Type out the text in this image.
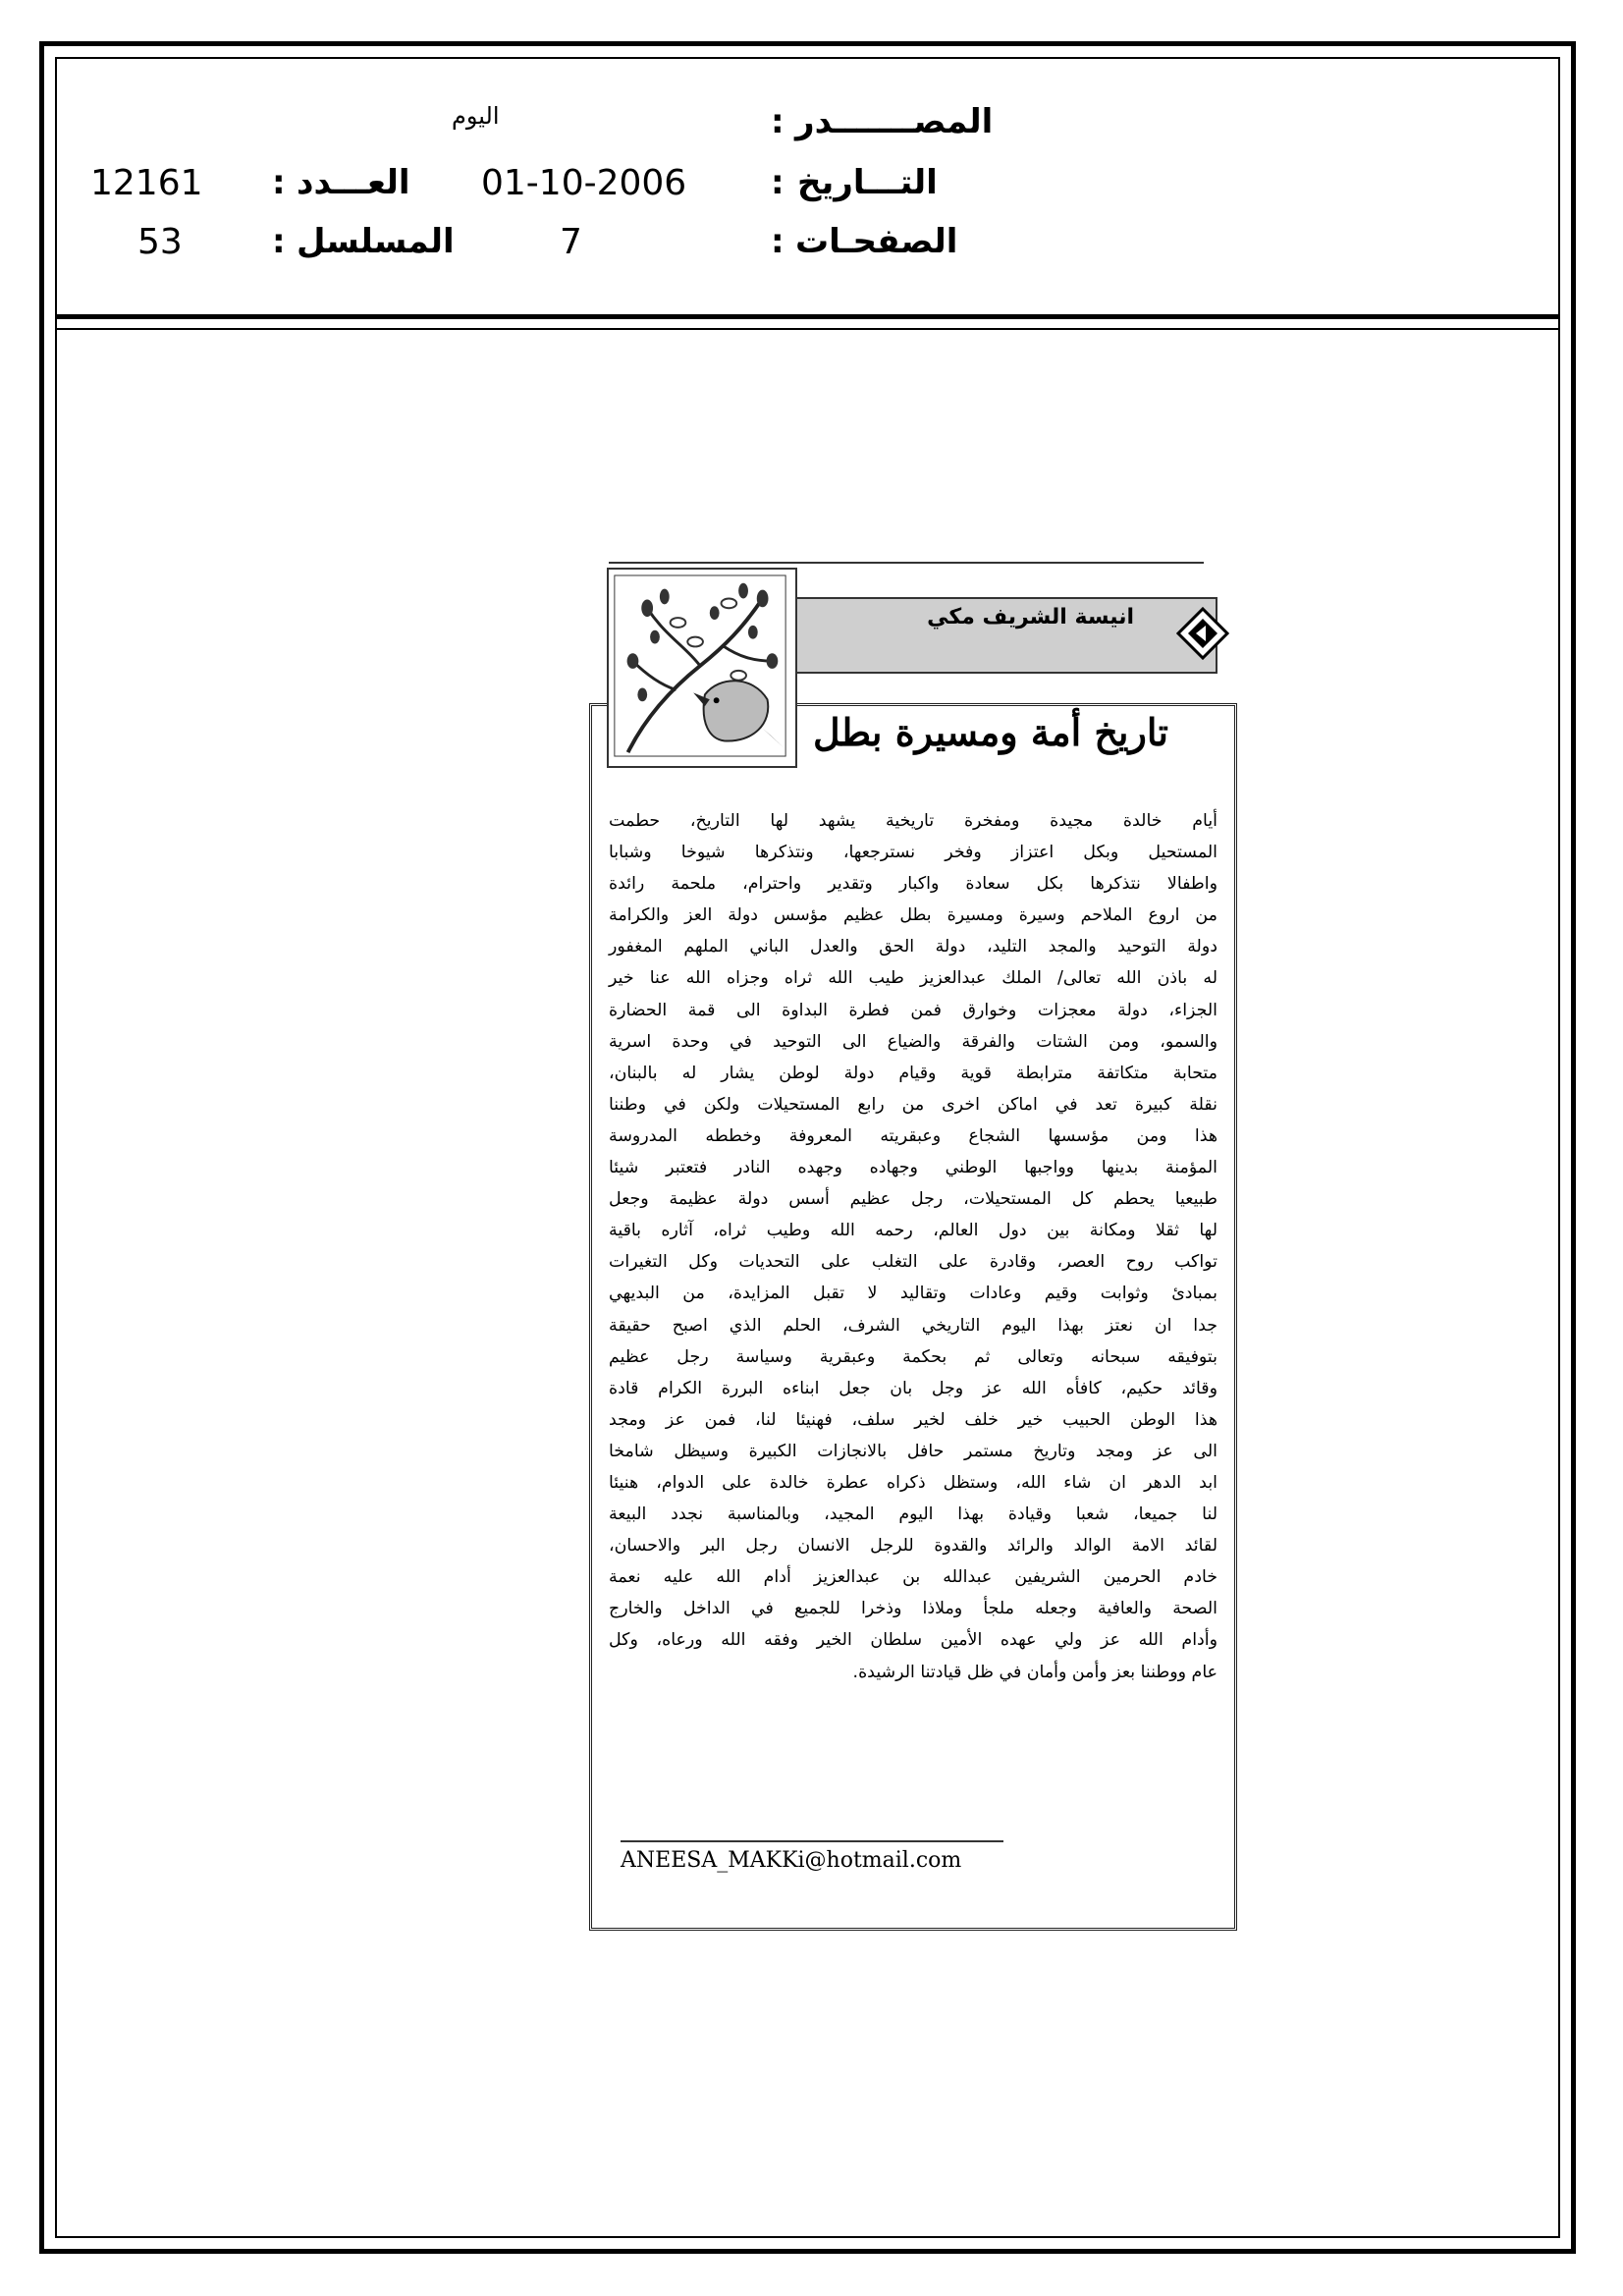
المصـــــــدر
:
اليوم
التـــاريخ
:
01-10-2006
العـــدد
:
12161
الصفحـات
:
7
المسلسل
:
53
انيسة الشريف مكي
تاريخ أمة ومسيرة بطل
أيام خالدة مجيدة ومفخرة تاريخية يشهد لها التاريخ، حطمت
المستحيل وبكل اعتزاز وفخر نسترجعها، ونتذكرها شيوخا وشبابا
واطفالا نتذكرها بكل سعادة واكبار وتقدير واحترام، ملحمة رائدة
من اروع الملاحم وسيرة ومسيرة بطل عظيم مؤسس دولة العز والكرامة
دولة التوحيد والمجد التليد، دولة الحق والعدل الباني الملهم المغفور
له باذن الله تعالى/ الملك عبدالعزيز طيب الله ثراه وجزاه الله عنا خير
الجزاء، دولة معجزات وخوارق فمن فطرة البداوة الى قمة الحضارة
والسمو، ومن الشتات والفرقة والضياع الى التوحيد في وحدة اسرية
متحابة متكاتفة مترابطة قوية وقيام دولة لوطن يشار له بالبنان،
نقلة كبيرة تعد في اماكن اخرى من رابع المستحيلات ولكن في وطننا
هذا ومن مؤسسها الشجاع وعبقريته المعروفة وخططه المدروسة
المؤمنة بدينها وواجبها الوطني وجهاده وجهده النادر فتعتبر شيئا
طبيعيا يحطم كل المستحيلات، رجل عظيم أسس دولة عظيمة وجعل
لها ثقلا ومكانة بين دول العالم، رحمه الله وطيب ثراه، آثاره باقية
تواكب روح العصر، وقادرة على التغلب على التحديات وكل التغيرات
بمبادئ وثوابت وقيم وعادات وتقاليد لا تقبل المزايدة، من البديهي
جدا ان نعتز بهذا اليوم التاريخي الشرف، الحلم الذي اصبح حقيقة
بتوفيقه سبحانه وتعالى ثم بحكمة وعبقرية وسياسة رجل عظيم
وقائد حكيم، كافأه الله عز وجل بان جعل ابناءه البررة الكرام قادة
هذا الوطن الحبيب خير خلف لخير سلف، فهنيئا لنا، فمن عز ومجد
الى عز ومجد وتاريخ مستمر حافل بالانجازات الكبيرة وسيظل شامخا
ابد الدهر ان شاء الله، وستظل ذكراه عطرة خالدة على الدوام، هنيئا
لنا جميعا، شعبا وقيادة بهذا اليوم المجيد، وبالمناسبة نجدد البيعة
لقائد الامة الوالد والرائد والقدوة للرجل الانسان رجل البر والاحسان،
خادم الحرمين الشريفين عبدالله بن عبدالعزيز أدام الله عليه نعمة
الصحة والعافية وجعله ملجأ وملاذا وذخرا للجميع في الداخل والخارج
وأدام الله عز ولي عهده الأمين سلطان الخير وفقه الله ورعاه، وكل
عام ووطننا بعز وأمن وأمان في ظل قيادتنا الرشيدة.
ANEESA_MAKKi@hotmail.com
